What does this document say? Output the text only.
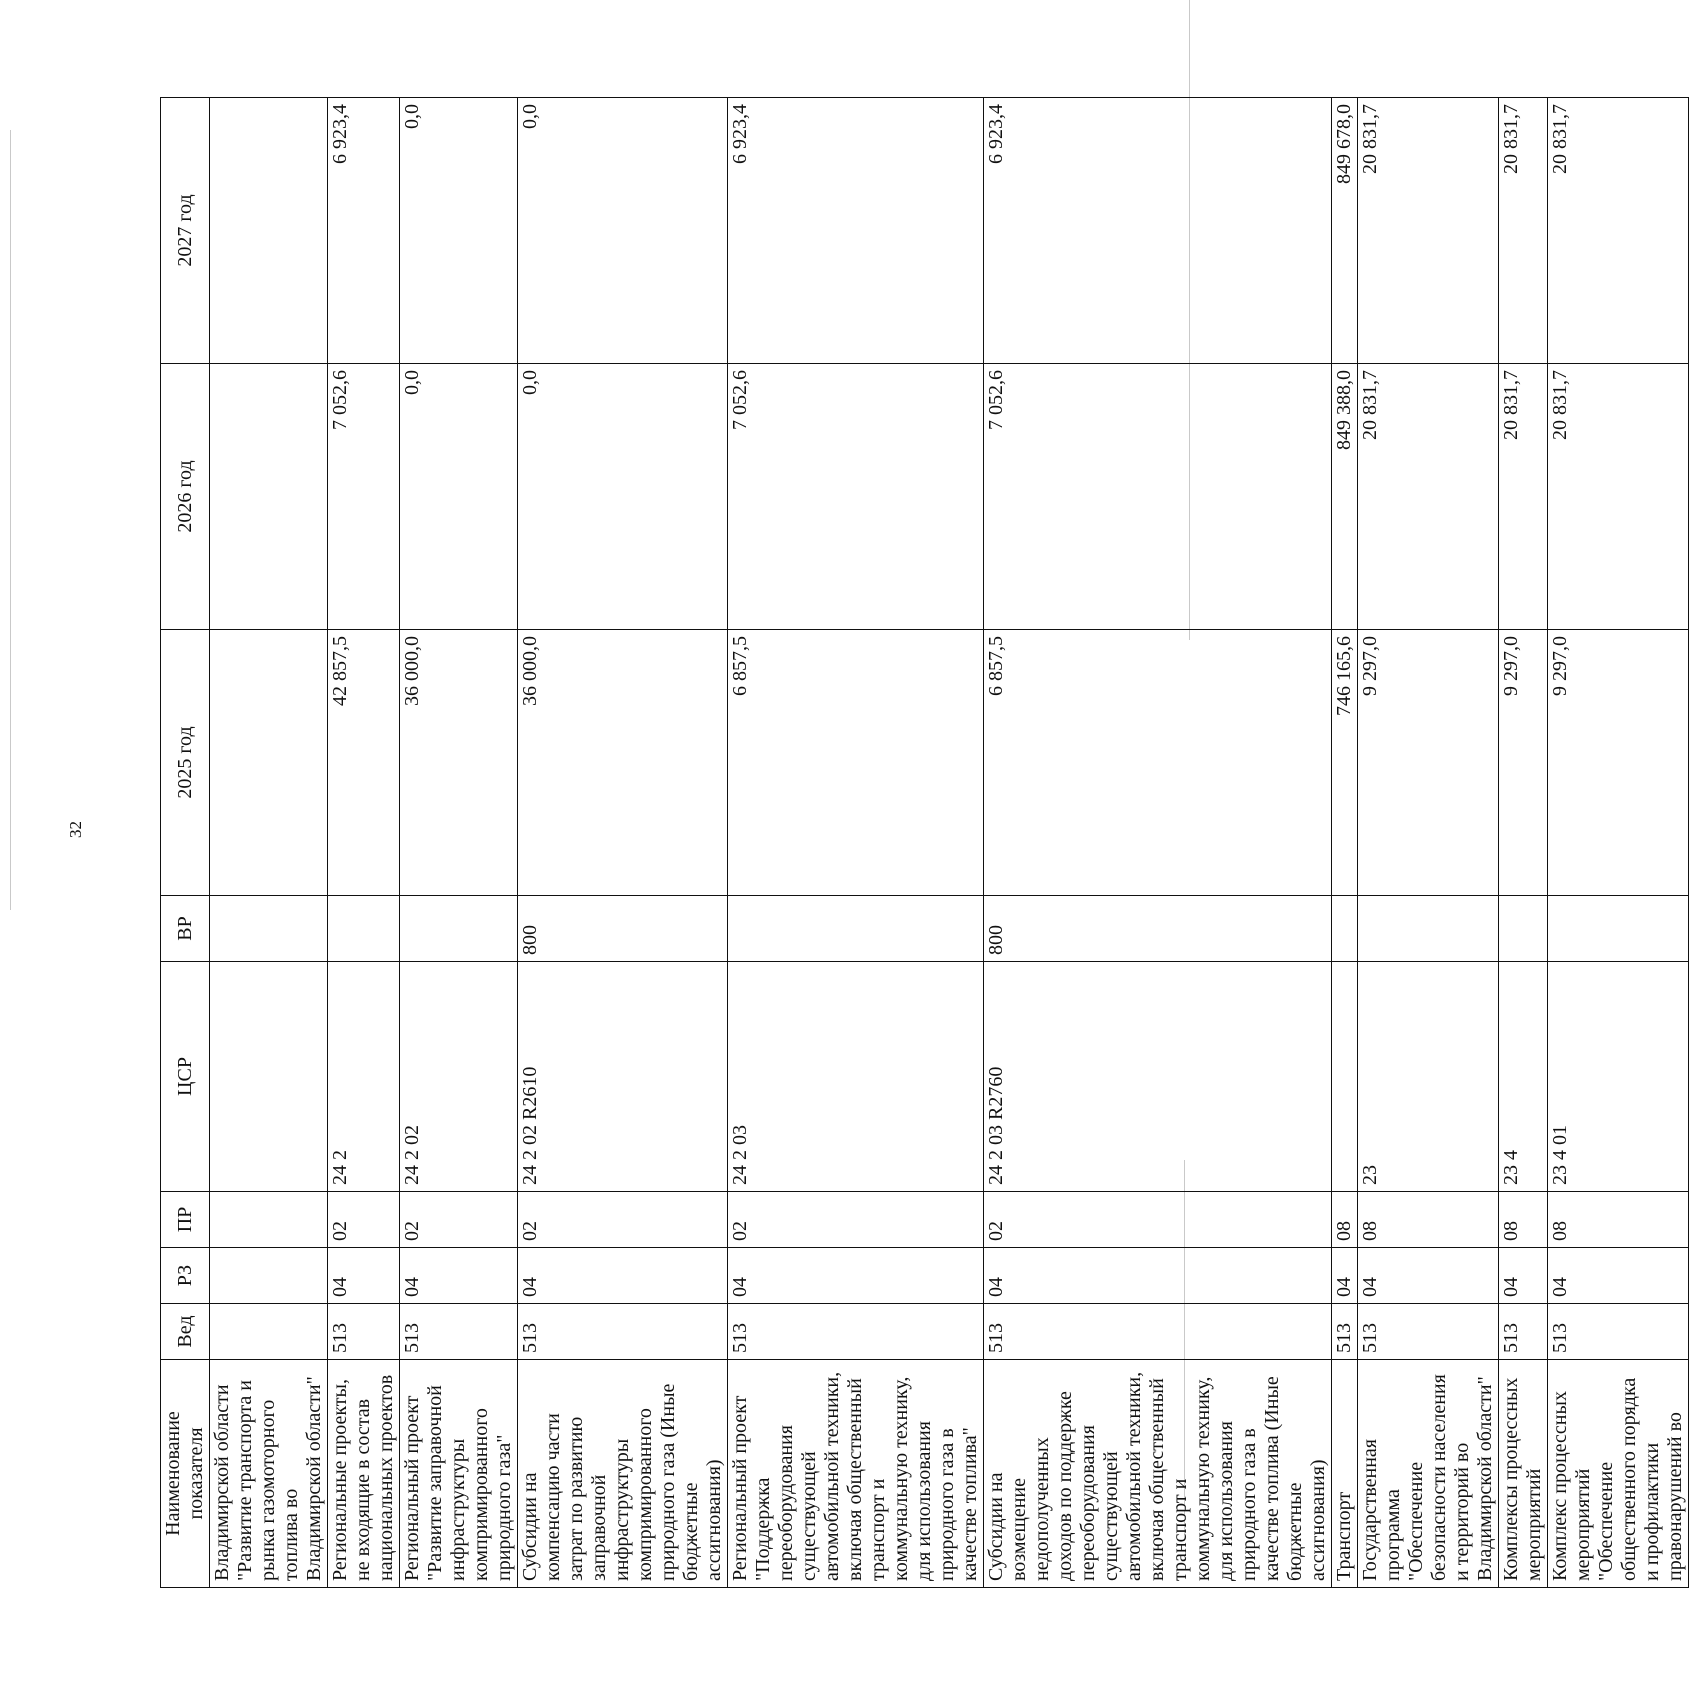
32
Наименование показателя	Вед	РЗ	ПР	ЦСР	ВР	2025 год	2026 год	2027 год
Владимирской области "Развитие транспорта и рынка газомоторного топлива во Владимирской области"								
Региональные проекты, не входящие в состав национальных проектов	513	04	02	24 2		42 857,5	7 052,6	6 923,4
Региональный проект "Развитие заправочной инфраструктуры компримированного природного газа"	513	04	02	24 2 02		36 000,0	0,0	0,0
Субсидии на компенсацию части затрат по развитию заправочной инфраструктуры компримированного природного газа (Иные бюджетные ассигнования)	513	04	02	24 2 02 R2610	800	36 000,0	0,0	0,0
Региональный проект "Поддержка переоборудования существующей автомобильной техники, включая общественный транспорт и коммунальную технику, для использования природного газа в качестве топлива"	513	04	02	24 2 03		6 857,5	7 052,6	6 923,4
Субсидии на возмещение недополученных доходов по поддержке переоборудования существующей автомобильной техники, включая общественный транспорт и коммунальную технику, для использования природного газа в качестве топлива (Иные бюджетные ассигнования)	513	04	02	24 2 03 R2760	800	6 857,5	7 052,6	6 923,4
Транспорт	513	04	08			746 165,6	849 388,0	849 678,0
Государственная программа "Обеспечение безопасности населения и территорий во Владимирской области"	513	04	08	23		9 297,0	20 831,7	20 831,7
Комплексы процессных мероприятий	513	04	08	23 4		9 297,0	20 831,7	20 831,7
Комплекс процессных мероприятий "Обеспечение общественного порядка и профилактики правонарушений во	513	04	08	23 4 01		9 297,0	20 831,7	20 831,7
